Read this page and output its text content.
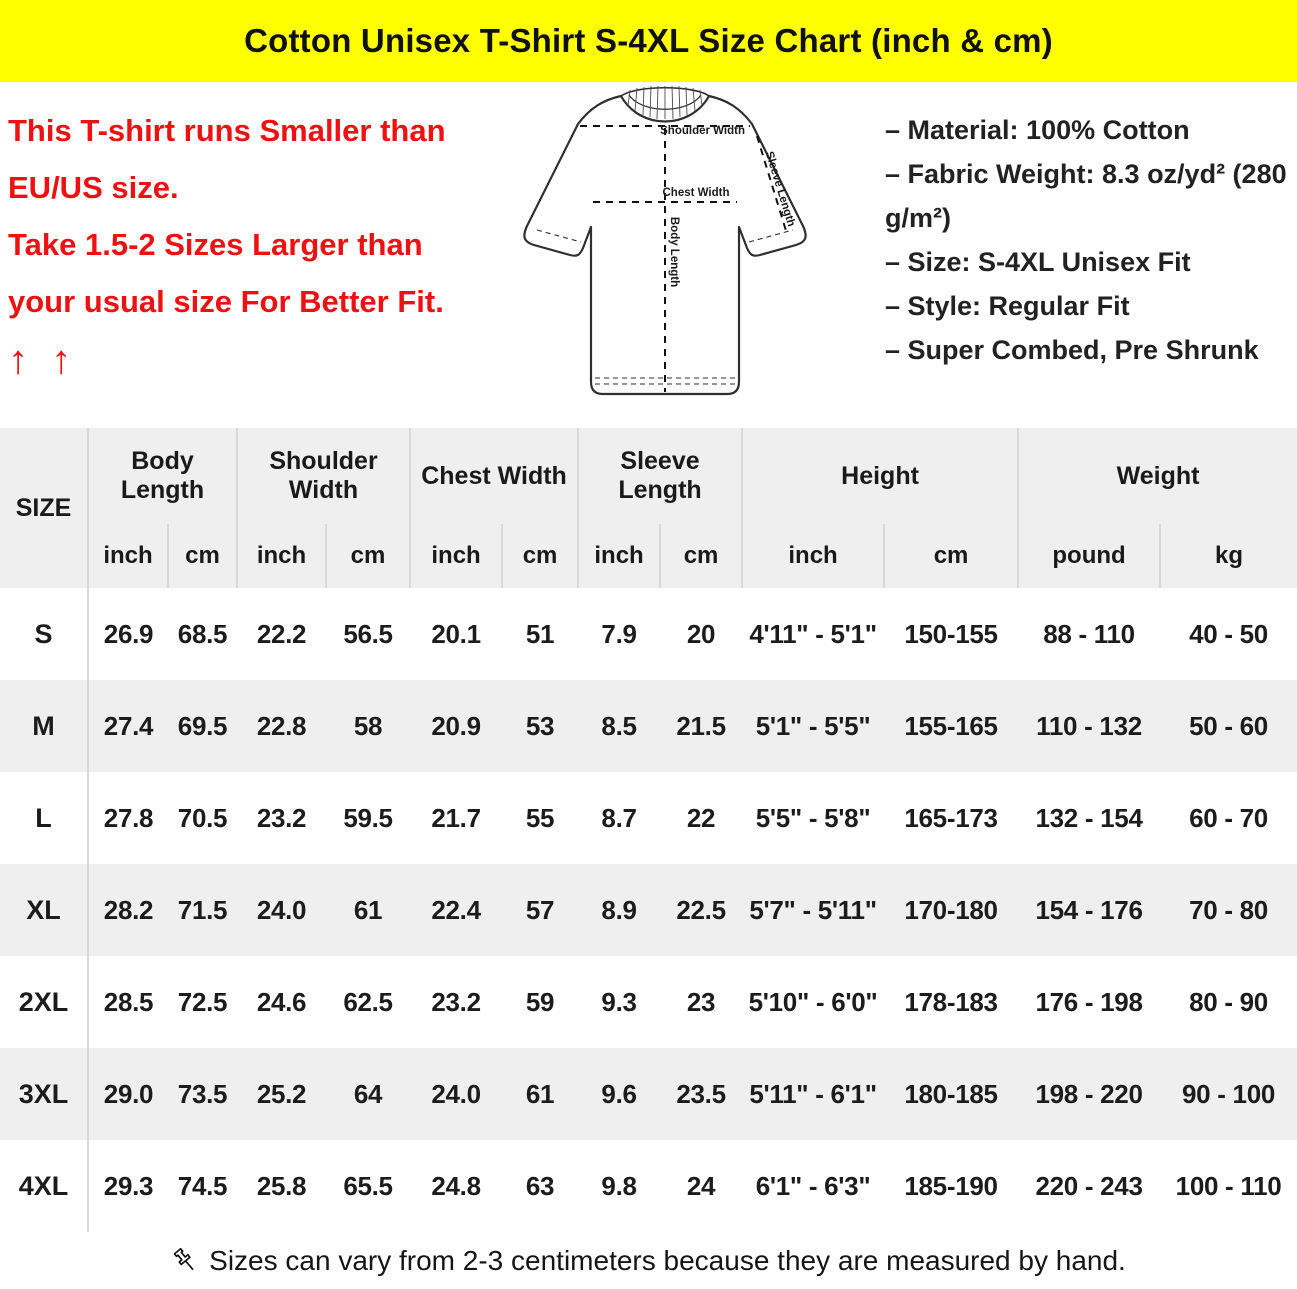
Cotton Unisex T-Shirt S-4XL Size Chart (inch & cm)

This T-shirt runs Smaller than

EU/US size.

Take 1.5-2 Sizes Larger than

your usual size For Better Fit.

↑ ↑

Shoulder Width
Chest Width
Body Length
Sleeve Length
– Material: 100% Cotton
– Fabric Weight: 8.3 oz/yd² (280 g/m²)
– Size: S-4XL Unisex Fit
– Style: Regular Fit
– Super Combed, Pre Shrunk
SIZE	Body Length		Shoulder Width		Chest Width		Sleeve Length		Height		Weight	
	inch	cm	inch	cm	inch	cm	inch	cm	inch	cm	pound	kg
S	26.9	68.5	22.2	56.5	20.1	51	7.9	20	4'11" - 5'1"	150-155	88 - 110	40 - 50
M	27.4	69.5	22.8	58	20.9	53	8.5	21.5	5'1" - 5'5"	155-165	110 - 132	50 - 60
L	27.8	70.5	23.2	59.5	21.7	55	8.7	22	5'5" - 5'8"	165-173	132 - 154	60 - 70
XL	28.2	71.5	24.0	61	22.4	57	8.9	22.5	5'7" - 5'11"	170-180	154 - 176	70 - 80
2XL	28.5	72.5	24.6	62.5	23.2	59	9.3	23	5'10" - 6'0"	178-183	176 - 198	80 - 90
3XL	29.0	73.5	25.2	64	24.0	61	9.6	23.5	5'11" - 6'1"	180-185	198 - 220	90 - 100
4XL	29.3	74.5	25.8	65.5	24.8	63	9.8	24	6'1" - 6'3"	185-190	220 - 243	100 - 110
Sizes can vary from 2-3 centimeters because they are measured by hand.
